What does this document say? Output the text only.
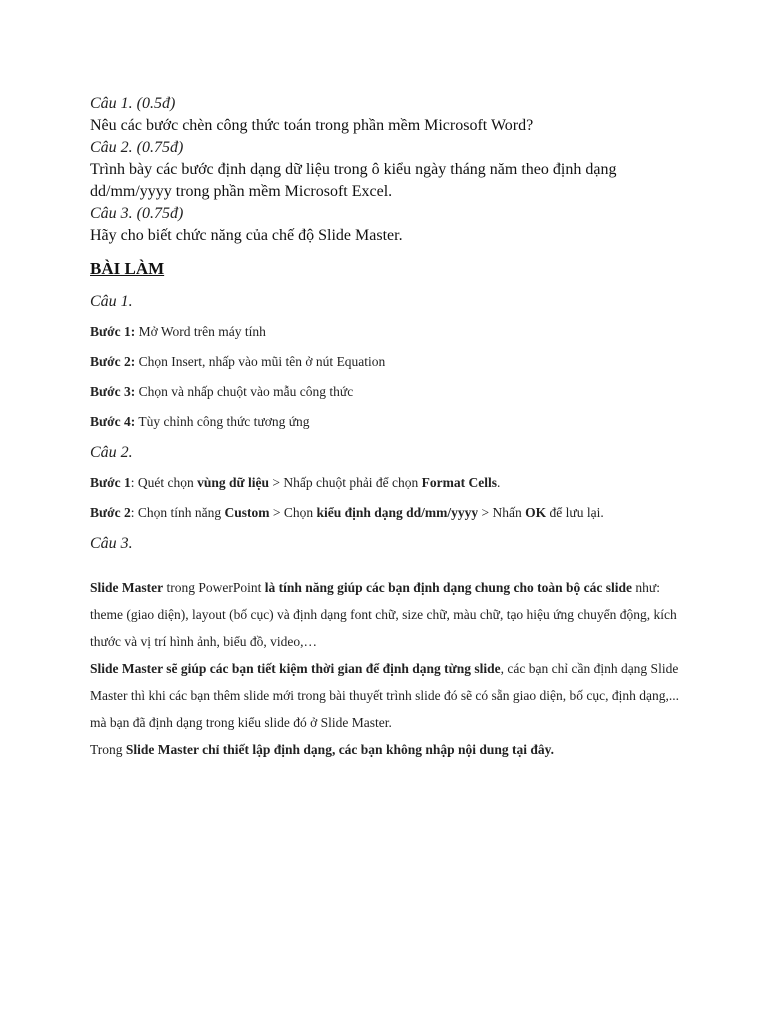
Câu 1. (0.5đ)
Nêu các bước chèn công thức toán trong phần mềm Microsoft Word?
Câu 2. (0.75đ)
Trình bày các bước định dạng dữ liệu trong ô kiểu ngày tháng năm theo định dạng
dd/mm/yyyy trong phần mềm Microsoft Excel.
Câu 3. (0.75đ)
Hãy cho biết chức năng của chế độ Slide Master.
BÀI LÀM
Câu 1.
Bước 1: Mở Word trên máy tính
Bước 2: Chọn Insert, nhấp vào mũi tên ở nút Equation
Bước 3: Chọn và nhấp chuột vào mẫu công thức
Bước 4: Tùy chỉnh công thức tương ứng
Câu 2.
Bước 1: Quét chọn vùng dữ liệu > Nhấp chuột phải để chọn Format Cells.
Bước 2: Chọn tính năng Custom > Chọn kiểu định dạng dd/mm/yyyy > Nhấn OK để lưu lại.
Câu 3.

Slide Master trong PowerPoint là tính năng giúp các bạn định dạng chung cho toàn bộ các slide như: theme (giao diện), layout (bố cục) và định dạng font chữ, size chữ, màu chữ, tạo hiệu ứng chuyển động, kích thước và vị trí hình ảnh, biểu đồ, video,…

Slide Master sẽ giúp các bạn tiết kiệm thời gian để định dạng từng slide, các bạn chỉ cần định dạng Slide Master thì khi các bạn thêm slide mới trong bài thuyết trình slide đó sẽ có sẵn giao diện, bố cục, định dạng,... mà bạn đã định dạng trong kiểu slide đó ở Slide Master.

Trong Slide Master chỉ thiết lập định dạng, các bạn không nhập nội dung tại đây.
